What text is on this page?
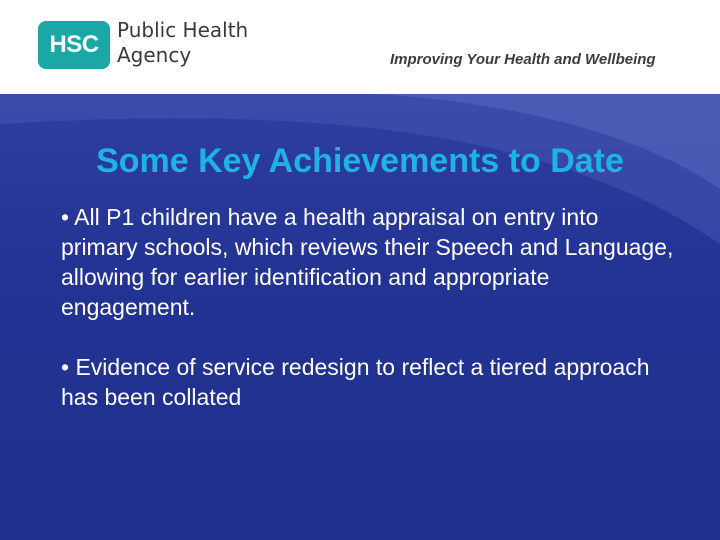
HSC
Public Health
Agency	Improving Your Health and Wellbeing
Some Key Achievements to Date
• All P1 children have a health appraisal on entry into primary schools, which reviews their Speech and Language, allowing for earlier identification and appropriate engagement.
• Evidence of service redesign to reflect a tiered approach has been collated
